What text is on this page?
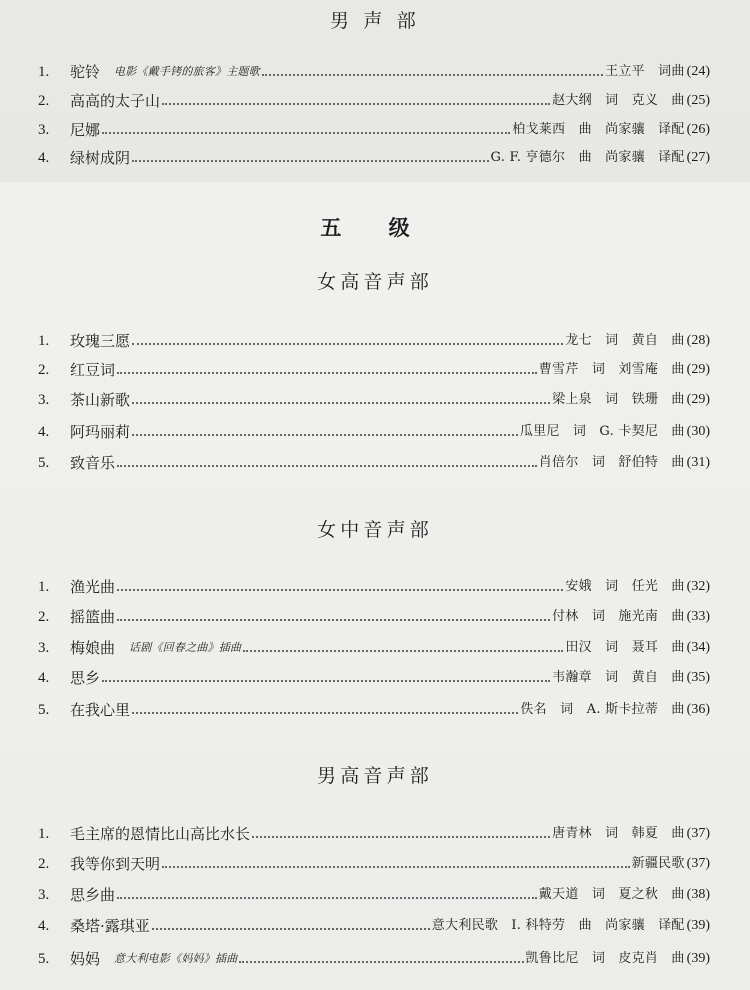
男 声 部
1.	驼铃 电影《戴手铐的旅客》主题歌	王立平　词曲 (24)
2.	高高的太子山	赵大纲　词　克义　曲 (25)
3.	尼娜	柏戈莱西　曲　尚家骧　译配 (26)
4.	绿树成阴	G. F. 亨德尔　曲　尚家骧　译配 (27)
五 级
女高音声部
1.	玫瑰三愿	龙七　词　黄自　曲 (28)
2.	红豆词	曹雪芹　词　刘雪庵　曲 (29)
3.	茶山新歌	梁上泉　词　铁珊　曲 (29)
4.	阿玛丽莉	瓜里尼　词　G. 卡契尼　曲 (30)
5.	致音乐	肖倍尔　词　舒伯特　曲 (31)
女中音声部
1.	渔光曲	安娥　词　任光　曲 (32)
2.	摇篮曲	付林　词　施光南　曲 (33)
3.	梅娘曲 话剧《回春之曲》插曲	田汉　词　聂耳　曲 (34)
4.	思乡	韦瀚章　词　黄自　曲 (35)
5.	在我心里	佚名　词　A. 斯卡拉蒂　曲 (36)
男高音声部
1.	毛主席的恩情比山高比水长	唐青林　词　韩夏　曲 (37)
2.	我等你到天明	新疆民歌 (37)
3.	思乡曲	戴天道　词　夏之秋　曲 (38)
4.	桑塔·露琪亚	意大利民歌　I. 科特劳　曲　尚家骧　译配 (39)
5.	妈妈 意大利电影《妈妈》插曲	凯鲁比尼　词　皮克肖　曲 (39)
